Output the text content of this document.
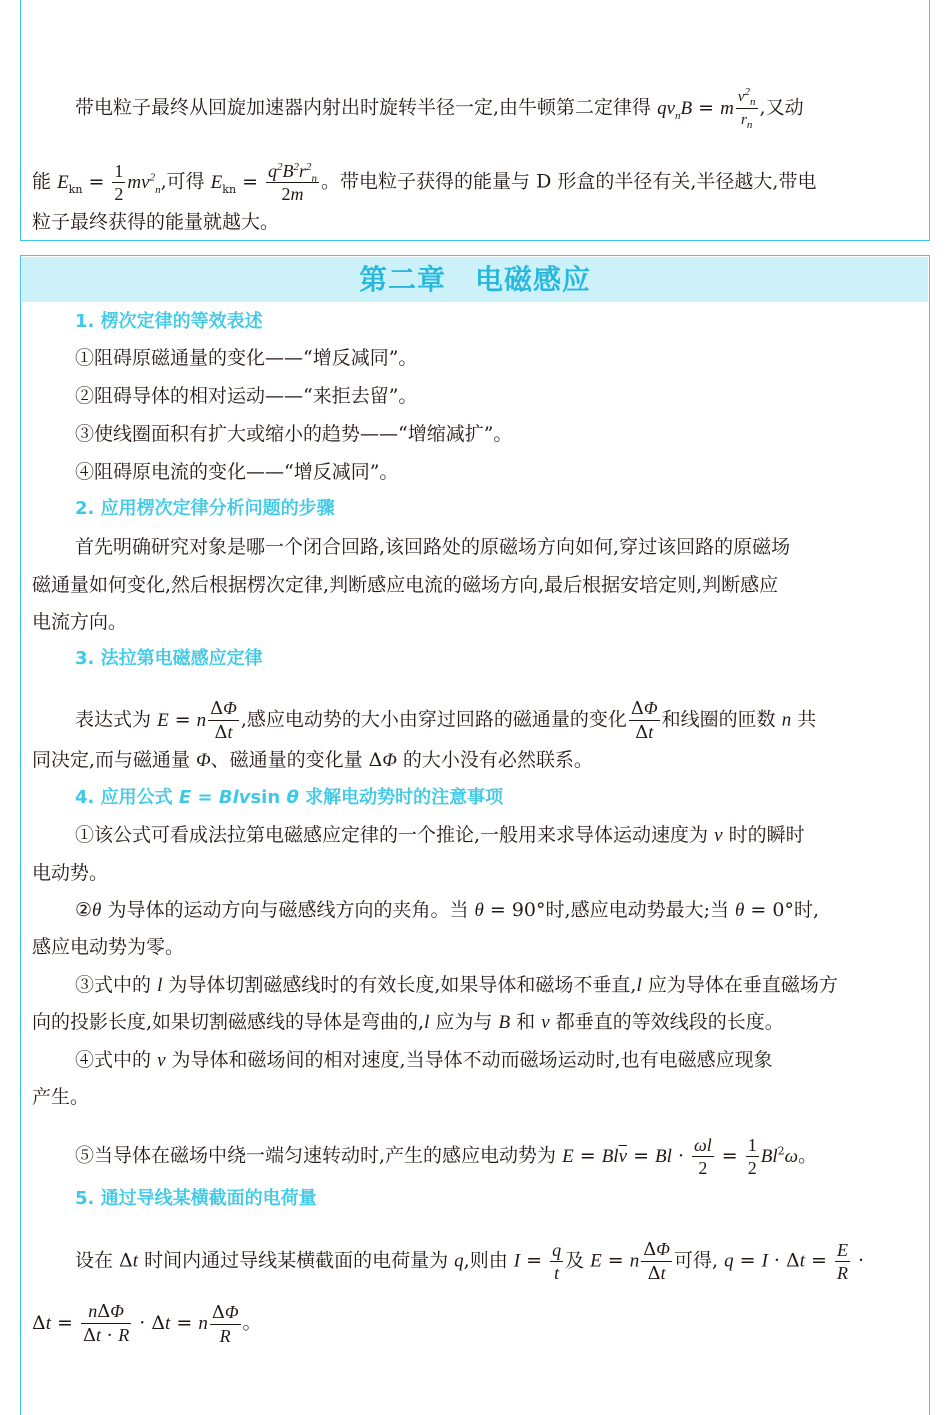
第二章　电磁感应
带电粒子最终从回旋加速器内射出时旋转半径一定,由牛顿第二定律得 $qv_nB = m \frac{v^2_n}{r_n}$ ,又动
能 $E_{kn} = \frac{1}{2} mv^2_n$,可得 $E_{kn} = \frac{q^2B^2r^2_n}{2m}$ 。带电粒子获得的能量与 D 形盒的半径有关,半径越大,带电
粒子最终获得的能量就越大。
1. 楞次定律的等效表述
①阻碍原磁通量的变化——“增反减同”。
②阻碍导体的相对运动——“来拒去留”。
③使线圈面积有扩大或缩小的趋势——“增缩减扩”。
④阻碍原电流的变化——“增反减同”。
2. 应用楞次定律分析问题的步骤
首先明确研究对象是哪一个闭合回路,该回路处的原磁场方向如何,穿过该回路的原磁场
磁通量如何变化,然后根据楞次定律,判断感应电流的磁场方向,最后根据安培定则,判断感应
电流方向。
3. 法拉第电磁感应定律
表达式为 E = n $\frac{\Delta\Phi}{\Delta t}$ ,感应电动势的大小由穿过回路的磁通量的变化 $\frac{\Delta\Phi}{\Delta t}$ 和线圈的匝数 n 共
同决定,而与磁通量 Φ、磁通量的变化量 ΔΦ 的大小没有必然联系。
4. 应用公式 E = Blvsin θ 求解电动势时的注意事项
①该公式可看成法拉第电磁感应定律的一个推论,一般用来求导体运动速度为 v 时的瞬时
电动势。
②θ 为导体的运动方向与磁感线方向的夹角。当 θ = 90°时,感应电动势最大;当 θ = 0°时,
感应电动势为零。
③式中的 l 为导体切割磁感线时的有效长度,如果导体和磁场不垂直,l 应为导体在垂直磁场方
向的投影长度,如果切割磁感线的导体是弯曲的,l 应为与 B 和 v 都垂直的等效线段的长度。
④式中的 v 为导体和磁场间的相对速度,当导体不动而磁场运动时,也有电磁感应现象
产生。
⑤当导体在磁场中绕一端匀速转动时,产生的感应电动势为 $E = Bl\overline{v} = Bl \cdot \frac{\omega l}{2} = \frac{1}{2} Bl^2\omega$。
5. 通过导线某横截面的电荷量
设在 Δt 时间内通过导线某横截面的电荷量为 q,则由 $I = \frac{q}{t}$ 及 E = n $\frac{\Delta\Phi}{\Delta t}$ 可得, $q = I \cdot \Delta t = \frac{E}{R}$ ·
$\Delta t = \frac{\text{nΔΦ}}{\Delta t \cdot R} \cdot \Delta t = n \frac{\Delta\Phi}{R}$ 。
